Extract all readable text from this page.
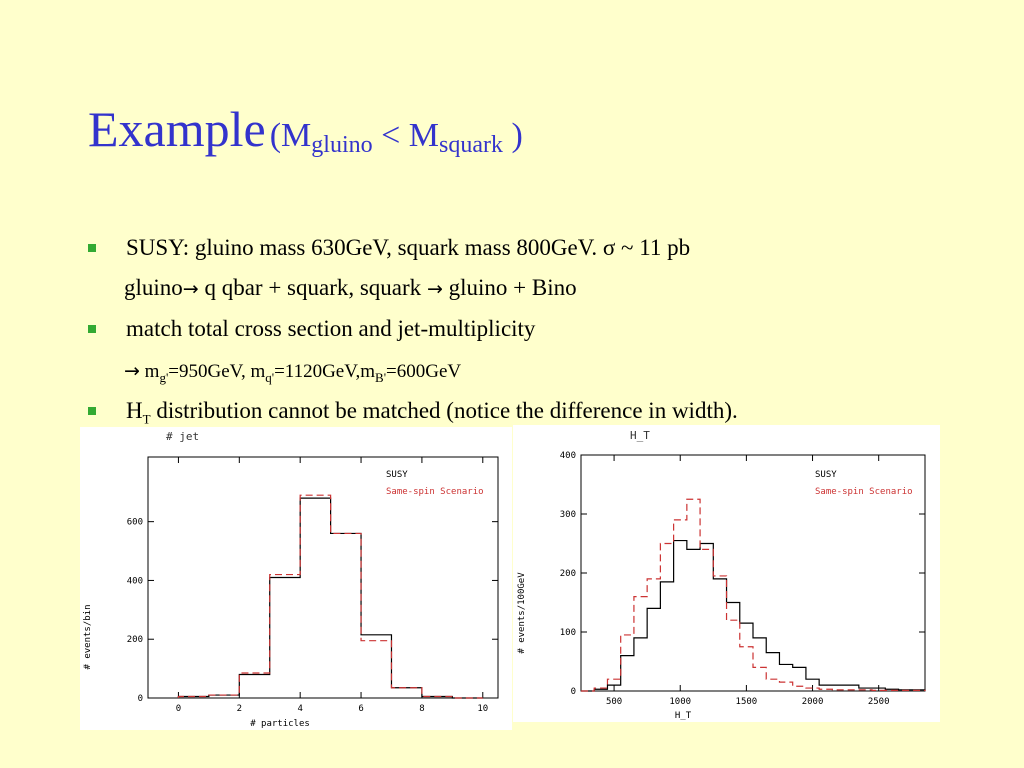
Example ($M_{gluino} < M_{squark}$ )
SUSY: gluino mass 630GeV, squark mass 800GeV. σ ~ 11 pb
gluino→ q qbar + squark, squark → gluino + Bino
match total cross section and jet-multiplicity
→ $m_{g'}=950GeV$, $m_{q'}=1120GeV,m_{B'}=600GeV$
$H_T$ distribution cannot be matched (notice the difference in width).
0	2	4	6	8	10
0
200
400
600
SUSY
Same-spin Scenario
# jet
# particles
# events/bin
500	1000	1500	2000	2500
0
100
200
300
400
SUSY
Same-spin Scenario
H_T
H_T
# events/100GeV
